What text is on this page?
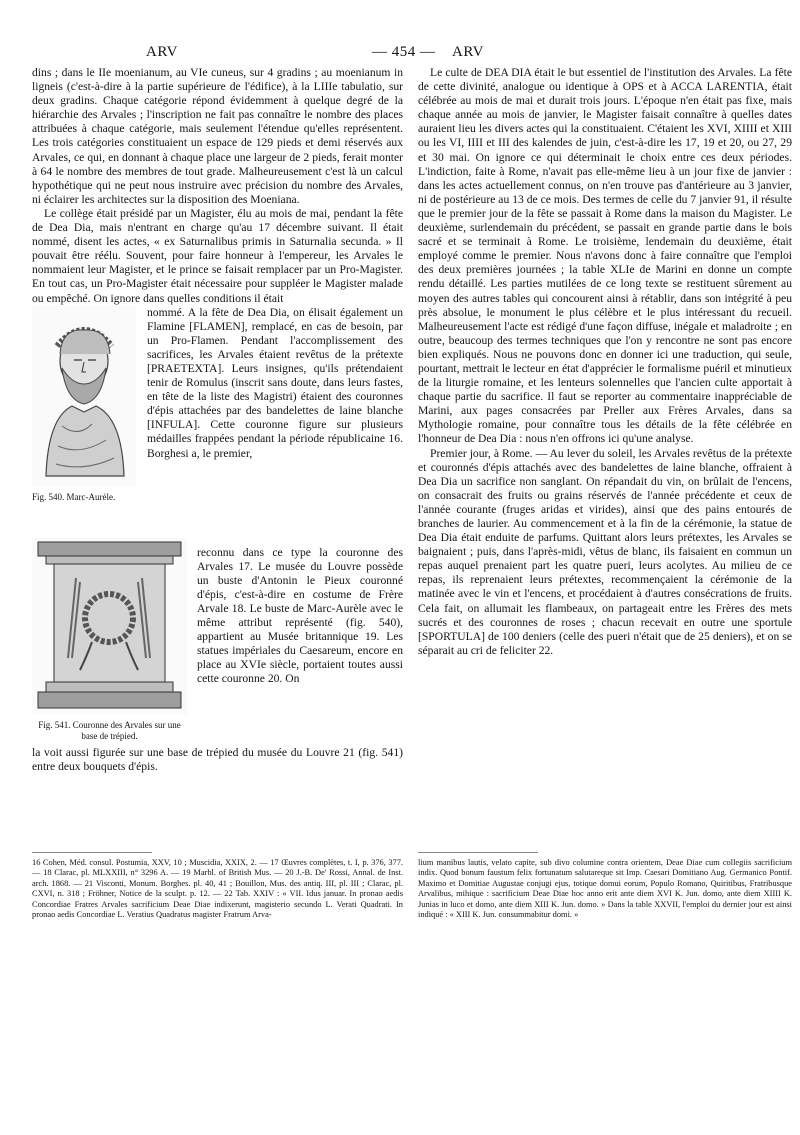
ARV	— 454 — ARV

dins ; dans le IIe moenianum, au VIe cuneus, sur 4 gradins ; au moenianum in ligneis (c'est-à-dire à la partie supérieure de l'édifice), à la LIIIe tabulatio, sur deux gradins. Chaque catégorie répond évidemment à quelque degré de la hiérarchie des Arvales ; l'inscription ne fait pas connaître le nombre des places attribuées à chaque catégorie, mais seulement l'étendue qu'elles représentent. Les trois catégories constituaient un espace de 129 pieds et demi réservés aux Arvales, ce qui, en donnant à chaque place une largeur de 2 pieds, ferait monter à 64 le nombre des membres de tout grade. Malheureusement c'est là un calcul hypothétique qui ne peut nous instruire avec précision du nombre des Arvales, ni éclairer les architectes sur la disposition des Moeniana.

Le collège était présidé par un Magister, élu au mois de mai, pendant la fête de Dea Dia, mais n'entrant en charge qu'au 17 décembre suivant. Il était nommé, disent les actes, « ex Saturnalibus primis in Saturnalia secunda. » Il pouvait être réélu. Souvent, pour faire honneur à l'empereur, les Arvales le nommaient leur Magister, et le prince se faisait remplacer par un Pro-Magister. En tout cas, un Pro-Magister était nécessaire pour suppléer le Magister malade ou empêché. On ignore dans quelles conditions il était

Fig. 540. Marc-Aurèle.
Fig. 541. Couronne des Arvales sur une base de trépied.
nommé. A la fête de Dea Dia, on élisait également un Flamine [FLAMEN], remplacé, en cas de besoin, par un Pro-Flamen. Pendant l'accomplissement des sacrifices, les Arvales étaient revêtus de la prétexte [PRAETEXTA]. Leurs insignes, qu'ils prétendaient tenir de Romulus (inscrit sans doute, dans leurs fastes, en tête de la liste des Magistri) étaient des couronnes d'épis attachées par des bandelettes de laine blanche [INFULA]. Cette couronne figure sur plusieurs médailles frappées pendant la période républicaine 16. Borghesi a, le premier,
reconnu dans ce type la couronne des Arvales 17. Le musée du Louvre possède un buste d'Antonin le Pieux couronné d'épis, c'est-à-dire en costume de Frère Arvale 18. Le buste de Marc-Aurèle avec le même attribut représenté (fig. 540), appartient au Musée britannique 19. Les statues impériales du Caesareum, encore en place au XVIe siècle, portaient toutes aussi cette couronne 20. On
la voit aussi figurée sur une base de trépied du musée du Louvre 21 (fig. 541) entre deux bouquets d'épis.

Le culte de DEA DIA était le but essentiel de l'institution des Arvales. La fête de cette divinité, analogue ou identique à OPS et à ACCA LARENTIA, était célébrée au mois de mai et durait trois jours. L'époque n'en était pas fixe, mais chaque année au mois de janvier, le Magister faisait connaître à quelles dates auraient lieu les divers actes qui la constituaient. C'étaient les XVI, XIIII et XIII ou les VI, IIII et III des kalendes de juin, c'est-à-dire les 17, 19 et 20, ou 27, 29 et 30 mai. On ignore ce qui déterminait le choix entre ces deux périodes. L'indiction, faite à Rome, n'avait pas elle-même lieu à un jour fixe de janvier : dans les actes actuellement connus, on n'en trouve pas d'antérieure au 3 janvier, ni de postérieure au 13 de ce mois. Des termes de celle du 7 janvier 91, il résulte que le premier jour de la fête se passait à Rome dans la maison du Magister. Le deuxième, surlendemain du précédent, se passait en grande partie dans le bois sacré et se terminait à Rome. Le troisième, lendemain du deuxième, était employé comme le premier. Nous n'avons donc à faire connaître que l'emploi des deux premières journées ; la table XLIe de Marini en donne un compte rendu détaillé. Les parties mutilées de ce long texte se restituent sûrement au moyen des autres tables qui concourent ainsi à rétablir, dans son intégrité à peu près absolue, le monument le plus célèbre et le plus intéressant du recueil. Malheureusement l'acte est rédigé d'une façon diffuse, inégale et maladroite ; en outre, beaucoup des termes techniques que l'on y rencontre ne sont pas encore bien expliqués. Nous ne pouvons donc en donner ici une traduction, qui seule, pourtant, mettrait le lecteur en état d'apprécier le formalisme puéril et minutieux de la liturgie romaine, et les lenteurs solennelles que l'ancien culte apportait à chaque partie du sacrifice. Il faut se reporter au commentaire inappréciable de Marini, aux pages consacrées par Preller aux Frères Arvales, dans sa Mythologie romaine, pour connaître tous les détails de la fête célébrée en l'honneur de Dea Dia : nous n'en offrons ici qu'une analyse.

Premier jour, à Rome. — Au lever du soleil, les Arvales revêtus de la prétexte et couronnés d'épis attachés avec des bandelettes de laine blanche, offraient à Dea Dia un sacrifice non sanglant. On répandait du vin, on brûlait de l'encens, on consacrait des fruits ou grains réservés de l'année précédente et ceux de l'année courante (fruges aridas et virides), ainsi que des pains entourés de branches de laurier. Au commencement et à la fin de la cérémonie, la statue de Dea Dia était enduite de parfums. Quittant alors leurs prétextes, les Arvales se baignaient ; puis, dans l'après-midi, vêtus de blanc, ils faisaient en commun un repas auquel prenaient part les quatre pueri, leurs acolytes. Au milieu de ce repas, ils reprenaient leurs prétextes, recommençaient la cérémonie de la matinée avec le vin et l'encens, et procédaient à d'autres consécrations de fruits. Cela fait, on allumait les flambeaux, on partageait entre les Frères des mets sucrés et des couronnes de roses ; chacun recevait en outre une sportule [SPORTULA] de 100 deniers (celle des pueri n'était que de 25 deniers), et on se séparait au cri de feliciter 22.

16 Cohen, Méd. consul. Postumia, XXV, 10 ; Muscidia, XXIX, 2. — 17 Œuvres complètes, t. I, p. 376, 377. — 18 Clarac, pl. MLXXIII, n° 3296 A. — 19 Marbl. of British Mus. — 20 J.-B. De' Rossi, Annal. de Inst. arch. 1868. — 21 Visconti, Monum. Borghes. pl. 40, 41 ; Bouillon, Mus. des antiq. III, pl. III ; Clarac, pl. CXVI, n. 318 ; Fröhner, Notice de la sculpt. p. 12. — 22 Tab. XXIV : « VII. Idus januar. In pronao aedis Concordiae Fratres Arvales sacrificium Deae Diae indixerunt, magisterio secundo L. Verati Quadrati. In pronao aedis Concordiae L. Veratius Quadratus magister Fratrum Arva-
lium manibus lautis, velato capite, sub divo columine contra orientem, Deae Diae cum collegiis sacrificium indix. Quod bonum faustum felix fortunatum salutareque sit Imp. Caesari Domitiano Aug. Germanico Pontif. Maximo et Domitiae Augustae conjugi ejus, totique domui eorum, Populo Romano, Quiritibus, Fratribusque Arvalibus, mihique : sacrificium Deae Diae hoc anno erit ante diem XVI K. Jun. domo, ante diem XIIII K. Junias in luco et domo, ante diem XIII K. Jun. domo. » Dans la table XXVII, l'emploi du dernier jour est ainsi indiqué : « XIII K. Jun. consummabitur domi. »
